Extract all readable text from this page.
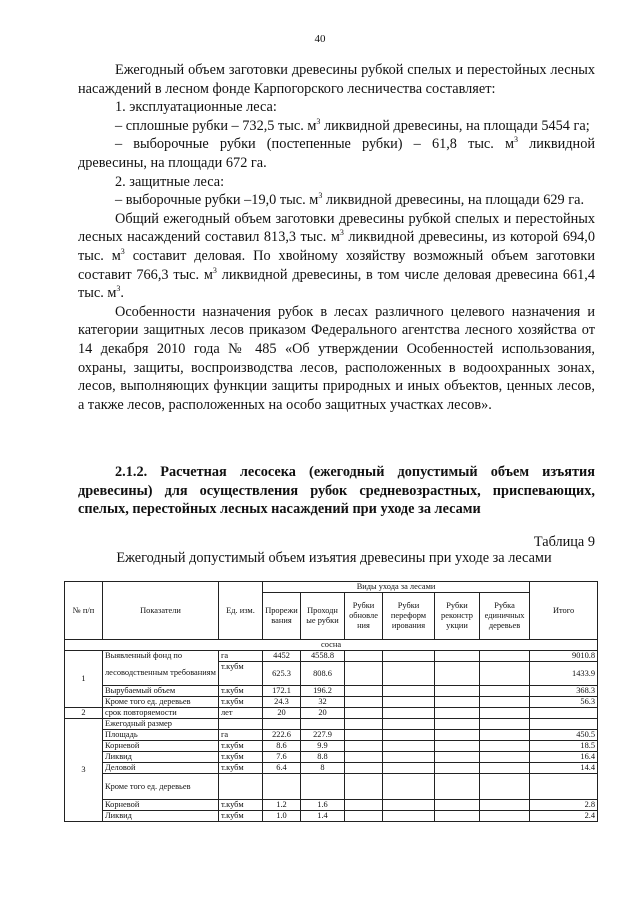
40

Ежегодный объем заготовки древесины рубкой спелых и перестойных лесных насаждений в лесном фонде Карпогорского лесничества составляет:

1. эксплуатационные леса:

– сплошные рубки – 732,5 тыс. $м^3$ ликвидной древесины, на площади 5454 га;

– выборочные рубки (постепенные рубки) – 61,8 тыс. $м^3$ ликвидной древесины, на площади 672 га.

2. защитные леса:

– выборочные рубки –19,0 тыс. $м^3$ ликвидной древесины, на площади 629 га.

Общий ежегодный объем заготовки древесины рубкой спелых и перестойных лесных насаждений составил 813,3 тыс. $м^3$ ликвидной древесины, из которой 694,0 тыс. $м^3$ составит деловая. По хвойному хозяйству возможный объем заготовки составит 766,3 тыс. $м^3$ ликвидной древесины, в том числе деловая древесина 661,4 тыс. $м^3$.

Особенности назначения рубок в лесах различного целевого назначения и категории защитных лесов приказом Федерального агентства лесного хозяйства от 14 декабря 2010 года № 485 «Об утверждении Особенностей использования, охраны, защиты, воспроизводства лесов, расположенных в водоохранных зонах, лесов, выполняющих функции защиты природных и иных объектов, ценных лесов, а также лесов, расположенных на особо защитных участках лесов».

2.1.2. Расчетная лесосека (ежегодный допустимый объем изъятия древесины) для осуществления рубок средневозрастных, приспевающих, спелых, перестойных лесных насаждений при уходе за лесами
Таблица 9
Ежегодный допустимый объем изъятия древесины при уходе за лесами
№ п/п	Показатели	Ед. изм.	Виды ухода за лесами						Итого
			Прорежи вания	Проходн ые рубки	Рубки обновле ния	Рубки переформ ирования	Рубки реконстр укции	Рубка единичных деревьев	
сосна									
1	Выявленный фонд по	га	4452	4558.8					9010.8
	лесоводственным требованиям	т.кубм	625.3	808.6					1433.9
	Вырубаемый объем	т.кубм	172.1	196.2					368.3
	Кроме того ед. деревьев	т.кубм	24.3	32					56.3
2	срок повторяемости	лет	20	20					
3	Ежегодный размер								
	Площадь	га	222.6	227.9					450.5
	Корневой	т.кубм	8.6	9.9					18.5
	Ликвид	т.кубм	7.6	8.8					16.4
	Деловой	т.кубм	6.4	8					14.4
	Кроме того ед. деревьев								
	Корневой	т.кубм	1.2	1.6					2.8
	Ликвид	т.кубм	1.0	1.4					2.4
